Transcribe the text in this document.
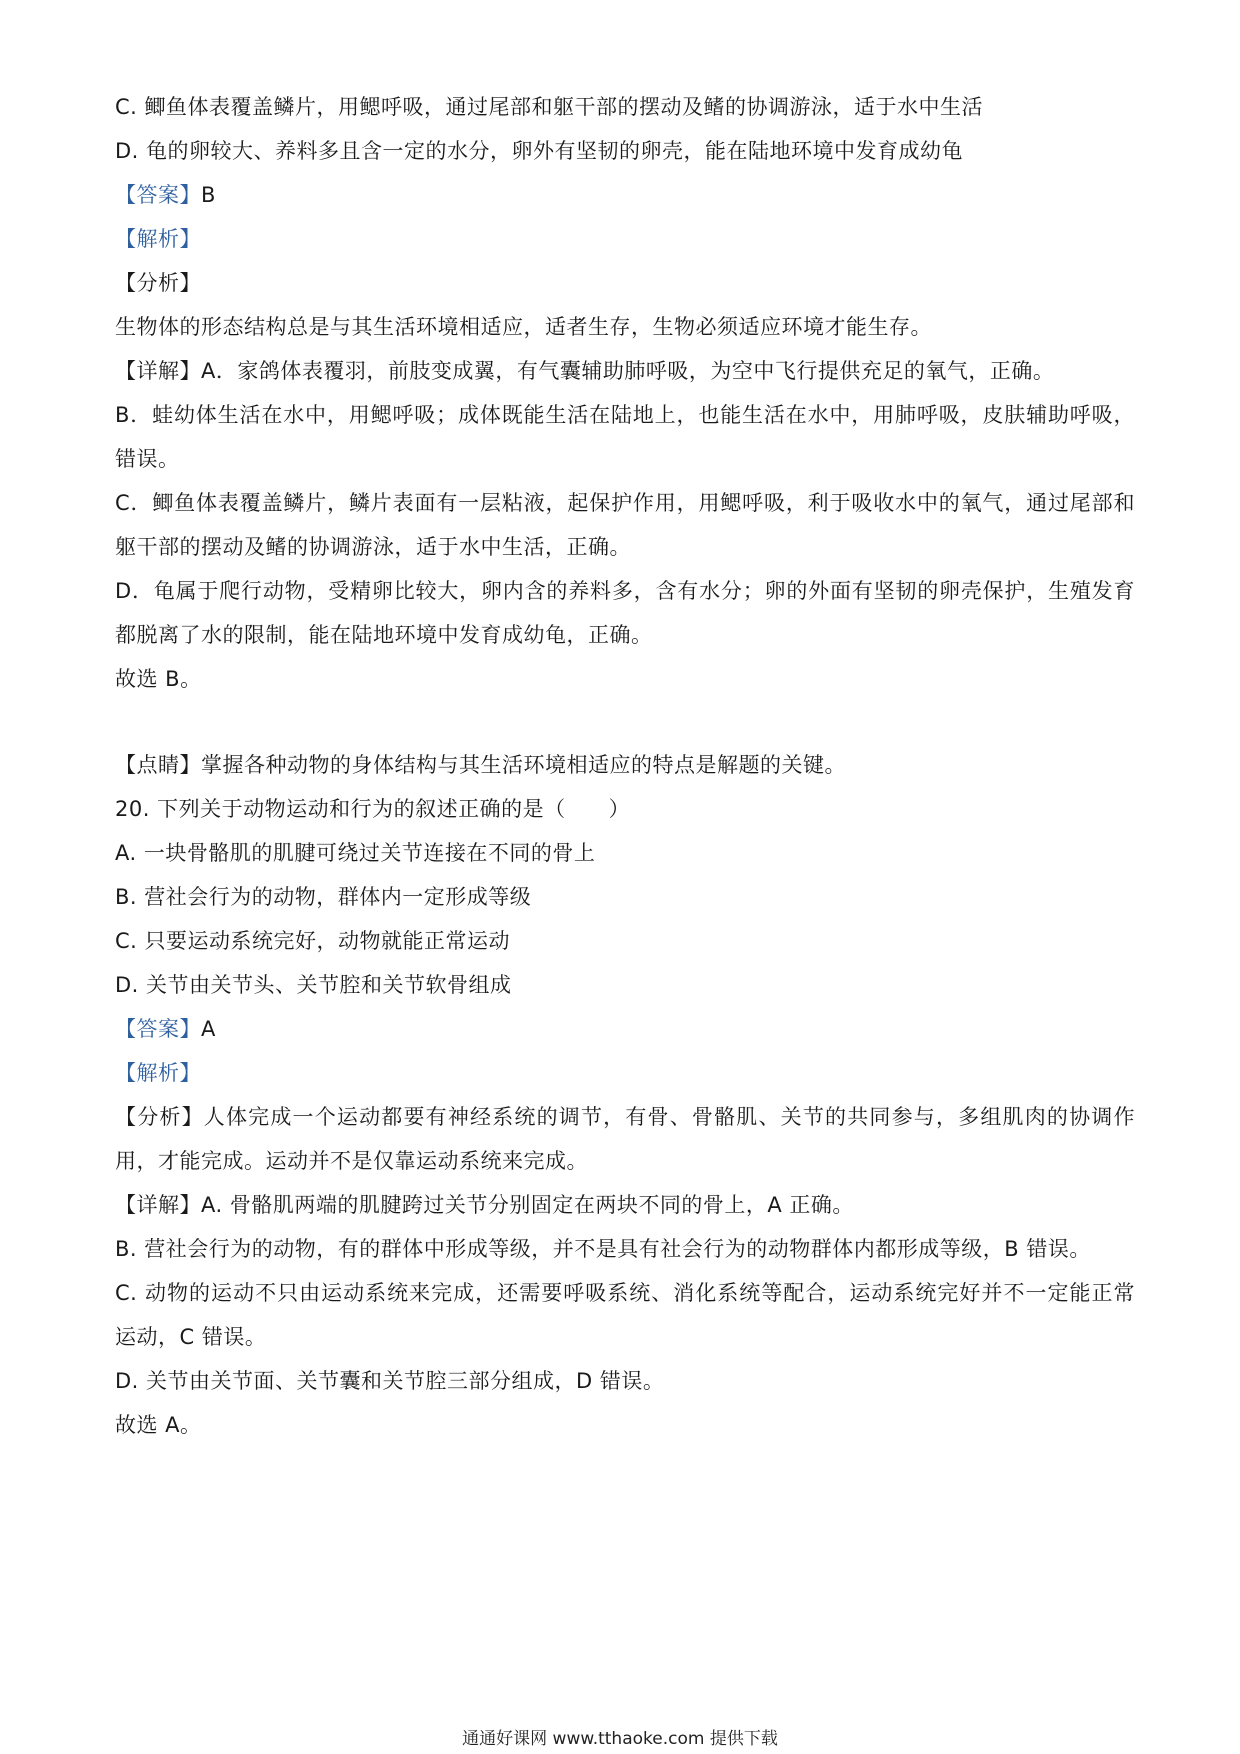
C. 鲫鱼体表覆盖鳞片，用鳃呼吸，通过尾部和躯干部的摆动及鳍的协调游泳，适于水中生活
D. 龟的卵较大、养料多且含一定的水分，卵外有坚韧的卵壳，能在陆地环境中发育成幼龟
【答案】B
【解析】
【分析】
生物体的形态结构总是与其生活环境相适应，适者生存，生物必须适应环境才能生存。
【详解】A．家鸽体表覆羽，前肢变成翼，有气囊辅助肺呼吸，为空中飞行提供充足的氧气，正确。
B．蛙幼体生活在水中，用鳃呼吸；成体既能生活在陆地上，也能生活在水中，用肺呼吸，皮肤辅助呼吸，
错误。
C．鲫鱼体表覆盖鳞片，鳞片表面有一层粘液，起保护作用，用鳃呼吸，利于吸收水中的氧气，通过尾部和
躯干部的摆动及鳍的协调游泳，适于水中生活，正确。
D．龟属于爬行动物，受精卵比较大，卵内含的养料多，含有水分；卵的外面有坚韧的卵壳保护，生殖发育
都脱离了水的限制，能在陆地环境中发育成幼龟，正确。
故选 B。
【点睛】掌握各种动物的身体结构与其生活环境相适应的特点是解题的关键。
20. 下列关于动物运动和行为的叙述正确的是（　　）
A. 一块骨骼肌的肌腱可绕过关节连接在不同的骨上
B. 营社会行为的动物，群体内一定形成等级
C. 只要运动系统完好，动物就能正常运动
D. 关节由关节头、关节腔和关节软骨组成
【答案】A
【解析】
【分析】人体完成一个运动都要有神经系统的调节，有骨、骨骼肌、关节的共同参与，多组肌肉的协调作
用，才能完成。运动并不是仅靠运动系统来完成。
【详解】A. 骨骼肌两端的肌腱跨过关节分别固定在两块不同的骨上，A 正确。
B. 营社会行为的动物，有的群体中形成等级，并不是具有社会行为的动物群体内都形成等级，B 错误。
C. 动物的运动不只由运动系统来完成，还需要呼吸系统、消化系统等配合，运动系统完好并不一定能正常
运动，C 错误。
D. 关节由关节面、关节囊和关节腔三部分组成，D 错误。
故选 A。
通通好课网 www.tthaoke.com 提供下载
